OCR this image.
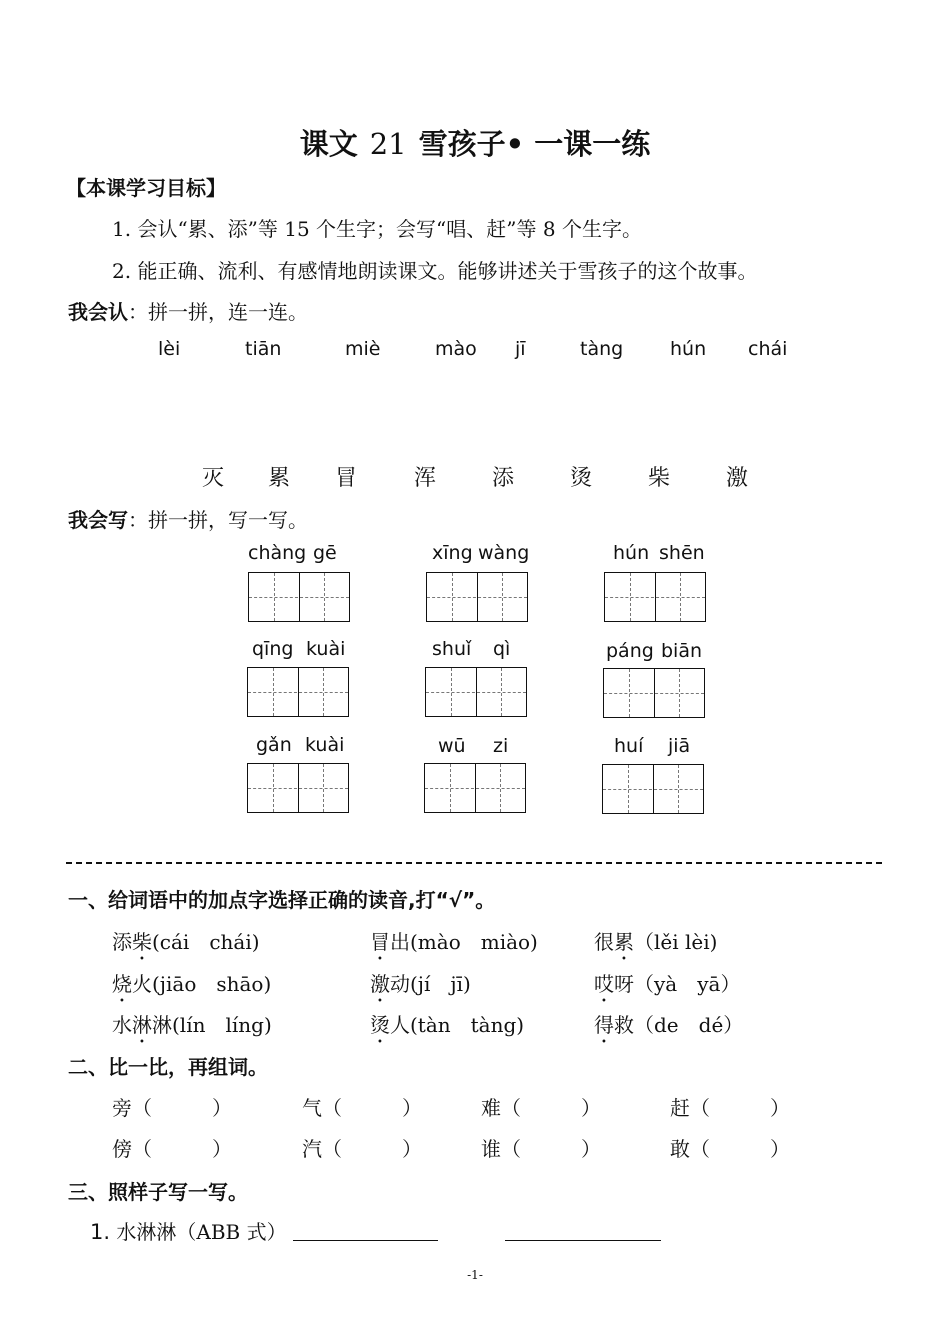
课文 21 雪孩子• 一课一练
【本课学习目标】
1. 会认“累、添”等 15 个生字；会写“唱、赶”等 8 个生字。
2. 能正确、流利、有感情地朗读课文。能够讲述关于雪孩子的这个故事。
我会认：拼一拼，连一连。
lèi	tiān	miè	mào jī	tàng hún chái
灭 累 冒	浑	添	烫	柴	激
我会写：拼一拼，写一写。
chàng gē	xīng wàng	hún shēn
qīng kuài	shuǐ qì	páng biān
gǎn kuài	wū zi	huí jiā
一、给词语中的加点字选择正确的读音,打“√”。
添柴(cái　chái)	冒出(mào　miào)	很累（lěi lèi)
烧火(jiāo　shāo)	激动(jí　jī)	哎呀（yà　yā）
水淋淋(lín　líng)	烫人(tàn　tàng)	得救（de　dé）
二、比一比，再组词。
旁（　　　）	气（　　　）	难（　　　）	赶（　　　）
傍（　　　）	汽（　　　）	谁（　　　）	敢（　　　）
三、照样子写一写。
1. 水淋淋（ABB 式）
-1-
